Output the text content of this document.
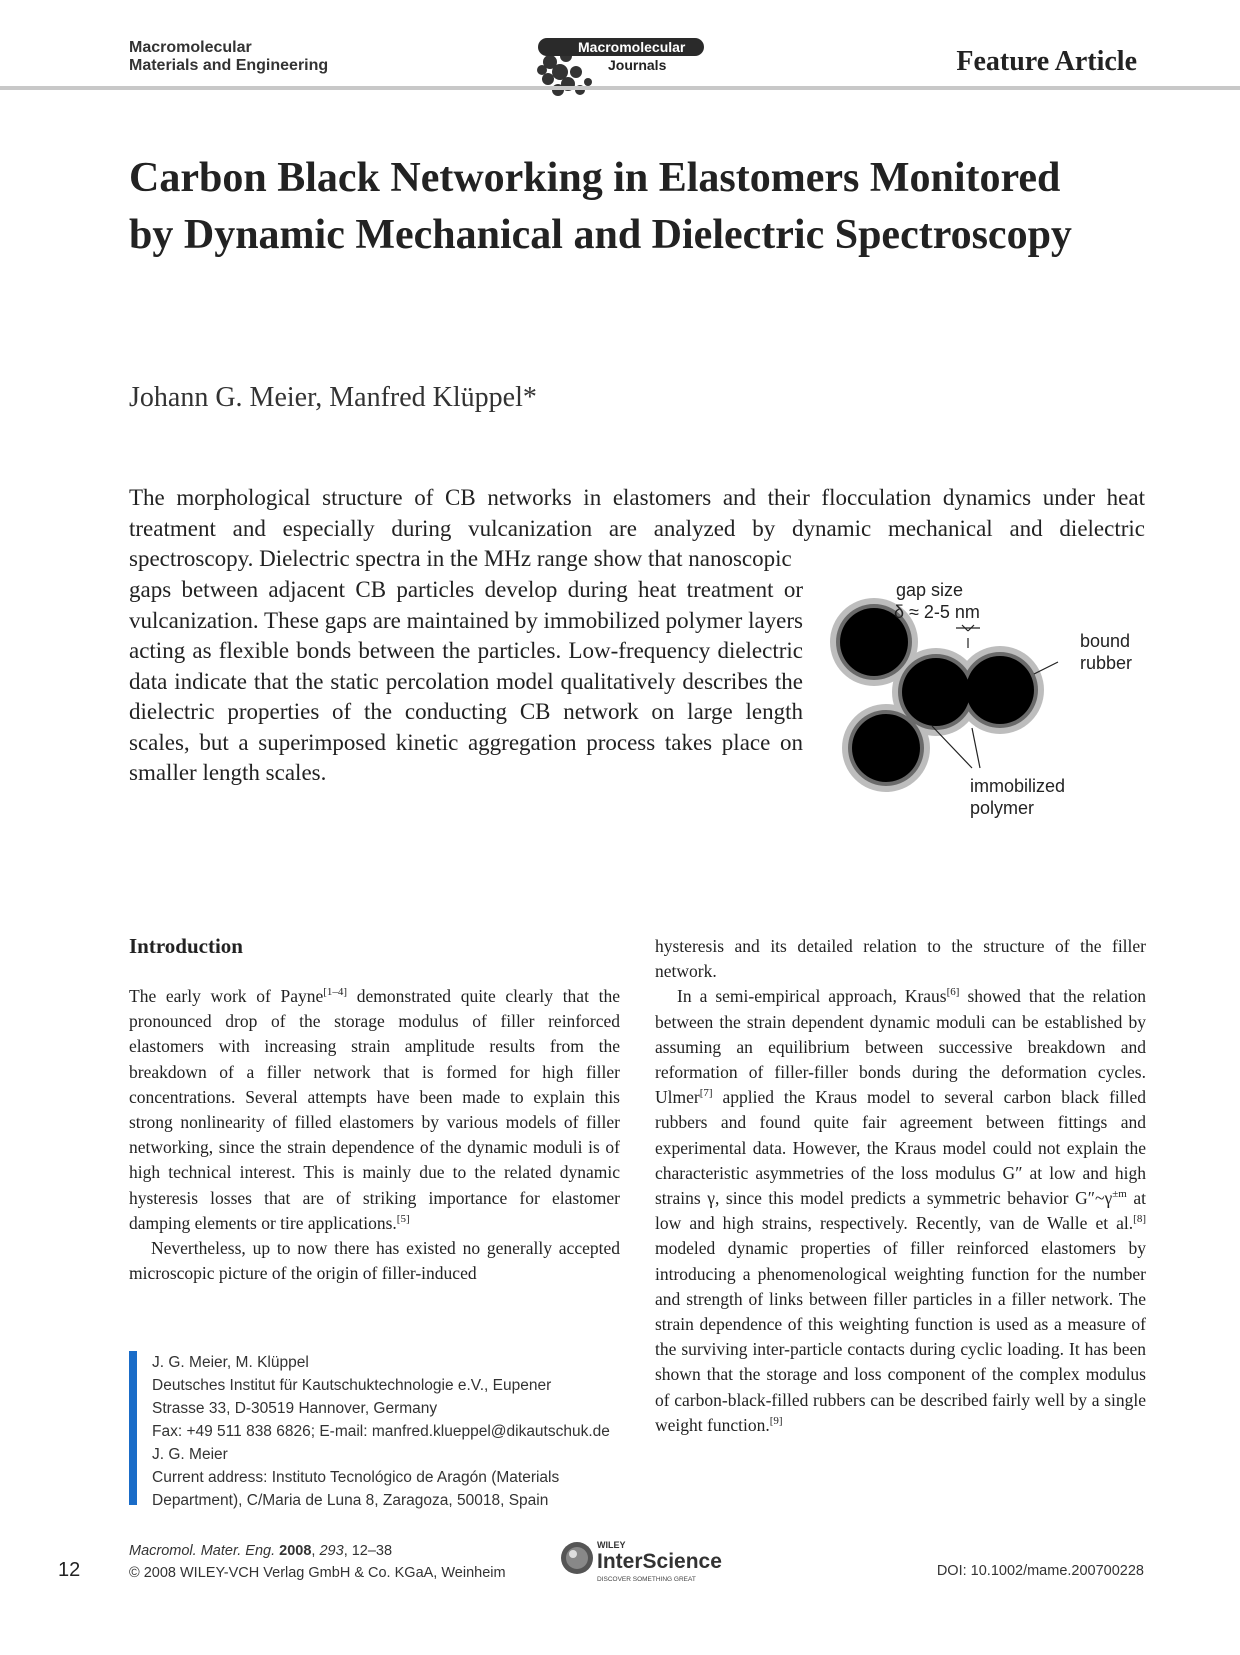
Macromolecular
Materials and Engineering
Macromolecular
Journals	Feature Article
Carbon Black Networking in Elastomers Monitored by Dynamic Mechanical and Dielectric Spectroscopy
Johann G. Meier, Manfred Klüppel*

The morphological structure of CB networks in elastomers and their flocculation dynamics under heat treatment and especially during vulcanization are analyzed by dynamic mechanical and dielectric spectroscopy. Dielectric spectra in the MHz range show that nanoscopic

gaps between adjacent CB particles develop during heat treatment or vulcanization. These gaps are maintained by immobilized polymer layers acting as flexible bonds between the particles. Low-frequency dielectric data indicate that the static percolation model qualitatively describes the dielectric properties of the conducting CB network on large length scales, but a superimposed kinetic aggregation process takes place on smaller length scales.

gap size
δ ≈ 2-5 nm
bound
rubber
immobilized
polymer
Introduction

The early work of Payne[1–4] demonstrated quite clearly that the pronounced drop of the storage modulus of filler reinforced elastomers with increasing strain amplitude results from the breakdown of a filler network that is formed for high filler concentrations. Several attempts have been made to explain this strong nonlinearity of filled elastomers by various models of filler networking, since the strain dependence of the dynamic moduli is of high technical interest. This is mainly due to the related dynamic hysteresis losses that are of striking importance for elastomer damping elements or tire applications.[5]

Nevertheless, up to now there has existed no generally accepted microscopic picture of the origin of filler-induced

hysteresis and its detailed relation to the structure of the filler network.

In a semi-empirical approach, Kraus[6] showed that the relation between the strain dependent dynamic moduli can be established by assuming an equilibrium between successive breakdown and reformation of filler-filler bonds during the deformation cycles. Ulmer[7] applied the Kraus model to several carbon black filled rubbers and found quite fair agreement between fittings and experimental data. However, the Kraus model could not explain the characteristic asymmetries of the loss modulus G″ at low and high strains γ, since this model predicts a symmetric behavior $G''\sim\gamma^{\pm m}$ at low and high strains, respectively. Recently, van de Walle et al.[8] modeled dynamic properties of filler reinforced elastomers by introducing a phenomenological weighting function for the number and strength of links between filler particles in a filler network. The strain dependence of this weighting function is used as a measure of the surviving inter-particle contacts during cyclic loading. It has been shown that the storage and loss component of the complex modulus of carbon-black-filled rubbers can be described fairly well by a single weight function.[9]

J. G. Meier, M. Klüppel
Deutsches Institut für Kautschuktechnologie e.V., Eupener
Strasse 33, D-30519 Hannover, Germany
Fax: +49 511 838 6826; E-mail: manfred.klueppel@dikautschuk.de
J. G. Meier
Current address: Instituto Tecnológico de Aragón (Materials
Department), C/Maria de Luna 8, Zaragoza, 50018, Spain
12
Macromol. Mater. Eng. 2008, 293, 12–38
© 2008 WILEY-VCH Verlag GmbH & Co. KGaA, Weinheim
WILEY
InterScience
DISCOVER SOMETHING GREAT
DOI: 10.1002/mame.200700228
